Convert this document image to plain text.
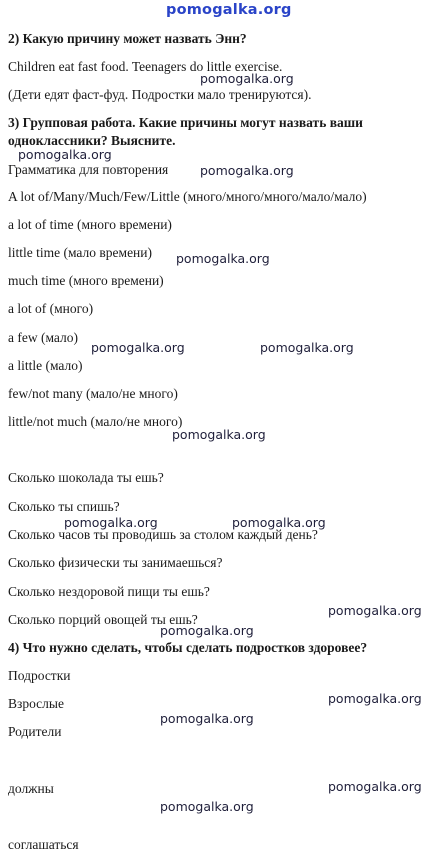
pomogalka.org
2) Какую причину может назвать Энн?
Children eat fast food. Teenagers do little exercise.
pomogalka.org
(Дети едят фаст-фуд. Подростки мало тренируются).
3) Групповая работа. Какие причины могут назвать ваши
одноклассники? Выясните.
pomogalka.org
Грамматика для повторения	pomogalka.org
A lot of/Many/Much/Few/Little (много/много/много/мало/мало)
a lot of time (много времени)
little time (мало времени) pomogalka.org
much time (много времени)
a lot of (много)
a few (мало)
pomogalka.org	pomogalka.org
a little (мало)
few/not many (мало/не много)
little/not much (мало/не много)
pomogalka.org
Сколько шоколада ты ешь?
Сколько ты спишь?
pomogalka.org	pomogalka.org
Сколько часов ты проводишь за столом каждый день?
Сколько физически ты занимаешься?
Сколько нездоровой пищи ты ешь?
pomogalka.org
Сколько порций овощей ты ешь?
pomogalka.org
4) Что нужно сделать, чтобы сделать подростков здоровее?
Подростки
pomogalka.org
Взрослые
pomogalka.org
Родители
pomogalka.org
должны
pomogalka.org
соглашаться
